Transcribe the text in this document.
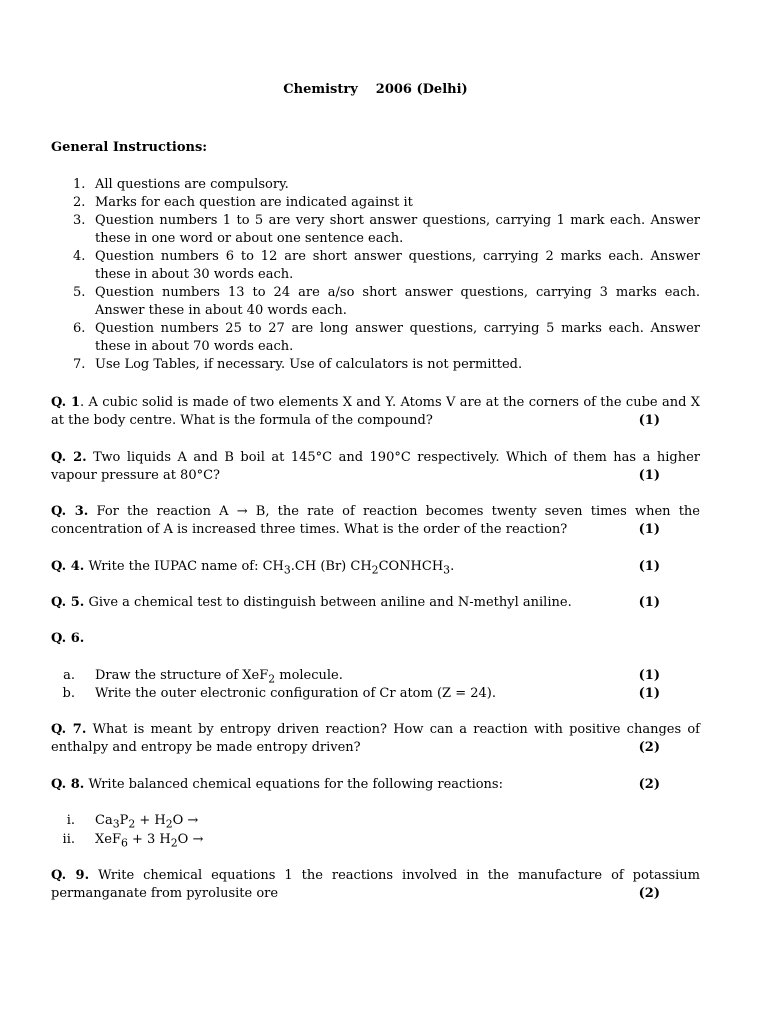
Chemistry 2006 (Delhi)
General Instructions:
1. All questions are compulsory.
2. Marks for each question are indicated against it
3. Question numbers 1 to 5 are very short answer questions, carrying 1 mark each. Answer these in one word or about one sentence each.
4. Question numbers 6 to 12 are short answer questions, carrying 2 marks each. Answer these in about 30 words each.
5. Question numbers 13 to 24 are a/so short answer questions, carrying 3 marks each. Answer these in about 40 words each.
6. Question numbers 25 to 27 are long answer questions, carrying 5 marks each. Answer these in about 70 words each.
7. Use Log Tables, if necessary. Use of calculators is not permitted.
Q. 1. A cubic solid is made of two elements X and Y. Atoms V are at the corners of the cube and X at the body centre. What is the formula of the compound?	(1)
Q. 2. Two liquids A and B boil at 145°C and 190°C respectively. Which of them has a higher vapour pressure at 80°C?	(1)
Q. 3. For the reaction A → B, the rate of reaction becomes twenty seven times when the concentration of A is increased three times. What is the order of the reaction?	(1)
Q. 4. Write the IUPAC name of: $CH_3.CH$ (Br) $CH_2CONHCH_3$.	(1)
Q. 5. Give a chemical test to distinguish between aniline and N-methyl aniline.	(1)
Q. 6.
a. Draw the structure of XeF$_2$ molecule.	(1)
b. Write the outer electronic configuration of Cr atom (Z = 24).	(1)
Q. 7. What is meant by entropy driven reaction? How can a reaction with positive changes of enthalpy and entropy be made entropy driven?	(2)
Q. 8. Write balanced chemical equations for the following reactions:	(2)
i. $Ca_3P_2 + H_2O$ →
ii. XeF$_6$ + 3 $H_2O$ →
Q. 9. Write chemical equations 1 the reactions involved in the manufacture of potassium permanganate from pyrolusite ore	(2)
